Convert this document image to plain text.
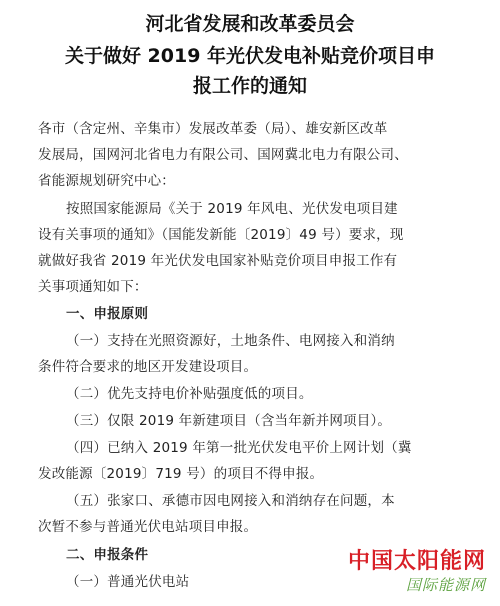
河北省发展和改革委员会
关于做好 2019 年光伏发电补贴竞价项目申
报工作的通知
各市（含定州、辛集市）发展改革委（局）、雄安新区改革
发展局，国网河北省电力有限公司、国网冀北电力有限公司、
省能源规划研究中心：
按照国家能源局《关于 2019 年风电、光伏发电项目建
设有关事项的通知》（国能发新能〔2019〕49 号）要求，现
就做好我省 2019 年光伏发电国家补贴竞价项目申报工作有
关事项通知如下：
一、申报原则
（一）支持在光照资源好，土地条件、电网接入和消纳
条件符合要求的地区开发建设项目。
（二）优先支持电价补贴强度低的项目。
（三）仅限 2019 年新建项目（含当年新并网项目）。
（四）已纳入 2019 年第一批光伏发电平价上网计划（冀
发改能源〔2019〕719 号）的项目不得申报。
（五）张家口、承德市因电网接入和消纳存在问题，本
次暂不参与普通光伏电站项目申报。
二、申报条件
（一）普通光伏电站
中国太阳能网
国际能源网
